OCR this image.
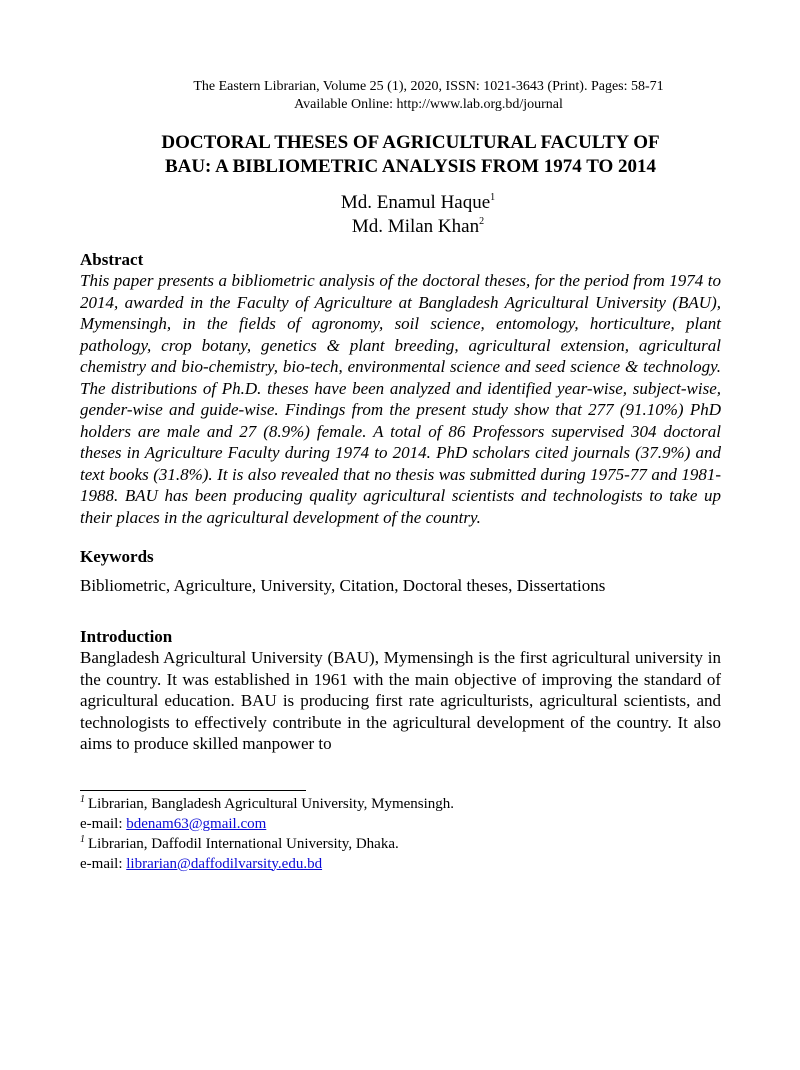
The Eastern Librarian, Volume 25 (1), 2020, ISSN: 1021-3643 (Print). Pages: 58-71
Available Online: http://www.lab.org.bd/journal
DOCTORAL THESES OF AGRICULTURAL FACULTY OF
BAU: A BIBLIOMETRIC ANALYSIS FROM 1974 TO 2014
Md. Enamul Haque$^1$
Md. Milan Khan$^2$
Abstract

This paper presents a bibliometric analysis of the doctoral theses, for the period from 1974 to 2014, awarded in the Faculty of Agriculture at Bangladesh Agricultural University (BAU), Mymensingh, in the fields of agronomy, soil science, entomology, horticulture, plant pathology, crop botany, genetics & plant breeding, agricultural extension, agricultural chemistry and bio-chemistry, bio-tech, environmental science and seed science & technology. The distributions of Ph.D. theses have been analyzed and identified year-wise, subject-wise, gender-wise and guide-wise. Findings from the present study show that 277 (91.10%) PhD holders are male and 27 (8.9%) female. A total of 86 Professors supervised 304 doctoral theses in Agriculture Faculty during 1974 to 2014. PhD scholars cited journals (37.9%) and text books (31.8%). It is also revealed that no thesis was submitted during 1975-77 and 1981-1988. BAU has been producing quality agricultural scientists and technologists to take up their places in the agricultural development of the country.

Keywords

Bibliometric, Agriculture, University, Citation, Doctoral theses, Dissertations

Introduction

Bangladesh Agricultural University (BAU), Mymensingh is the first agricultural university in the country. It was established in 1961 with the main objective of improving the standard of agricultural education. BAU is producing first rate agriculturists, agricultural scientists, and technologists to effectively contribute in the agricultural development of the country. It also aims to produce skilled manpower to

$^1$ Librarian, Bangladesh Agricultural University, Mymensingh.

e-mail: bdenam63@gmail.com

$^1$ Librarian, Daffodil International University, Dhaka.

e-mail: librarian@daffodilvarsity.edu.bd
